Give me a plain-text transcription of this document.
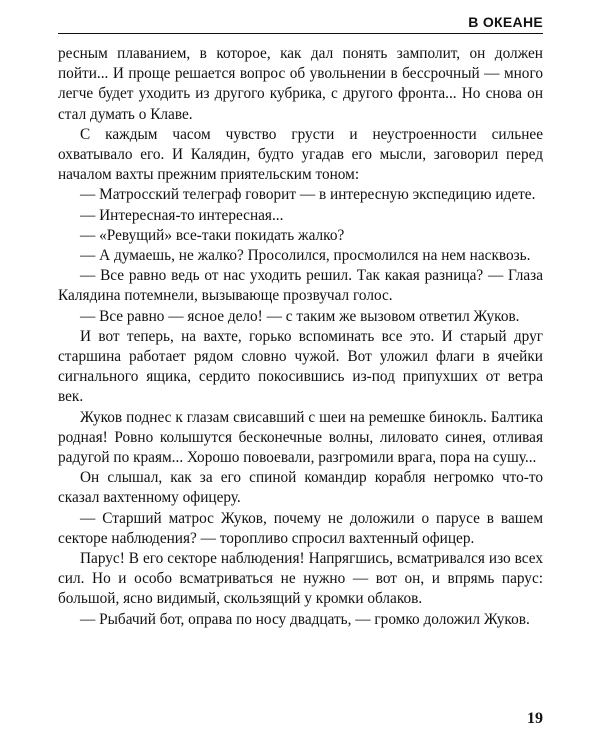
В ОКЕАНЕ

ресным плаванием, в которое, как дал понять замполит, он должен пойти... И проще решается вопрос об увольнении в бессрочный — много легче будет уходить из другого кубрика, с другого фронта... Но снова он стал думать о Клаве.

С каждым часом чувство грусти и неустроенности сильнее охватывало его. И Калядин, будто угадав его мысли, заговорил перед началом вахты прежним приятельским тоном:

— Матросский телеграф говорит — в интересную экспедицию идете.

— Интересная-то интересная...

— «Ревущий» все-таки покидать жалко?

— А думаешь, не жалко? Просолился, просмолился на нем насквозь.

— Все равно ведь от нас уходить решил. Так какая разница? — Глаза Калядина потемнели, вызывающе прозвучал голос.

— Все равно — ясное дело! — с таким же вызовом ответил Жуков.

И вот теперь, на вахте, горько вспоминать все это. И старый друг старшина работает рядом словно чужой. Вот уложил флаги в ячейки сигнального ящика, сердито покосившись из-под припухших от ветра век.

Жуков поднес к глазам свисавший с шеи на ремешке бинокль. Балтика родная! Ровно колышутся бесконечные волны, лиловато синея, отливая радугой по краям... Хорошо повоевали, разгромили врага, пора на сушу...

Он слышал, как за его спиной командир корабля негромко что-то сказал вахтенному офицеру.

— Старший матрос Жуков, почему не доложили о парусе в вашем секторе наблюдения? — торопливо спросил вахтенный офицер.

Парус! В его секторе наблюдения! Напрягшись, всматривался изо всех сил. Но и особо всматриваться не нужно — вот он, и впрямь парус: большой, ясно видимый, скользящий у кромки облаков.

— Рыбачий бот, оправа по носу двадцать, — громко доложил Жуков.

19
